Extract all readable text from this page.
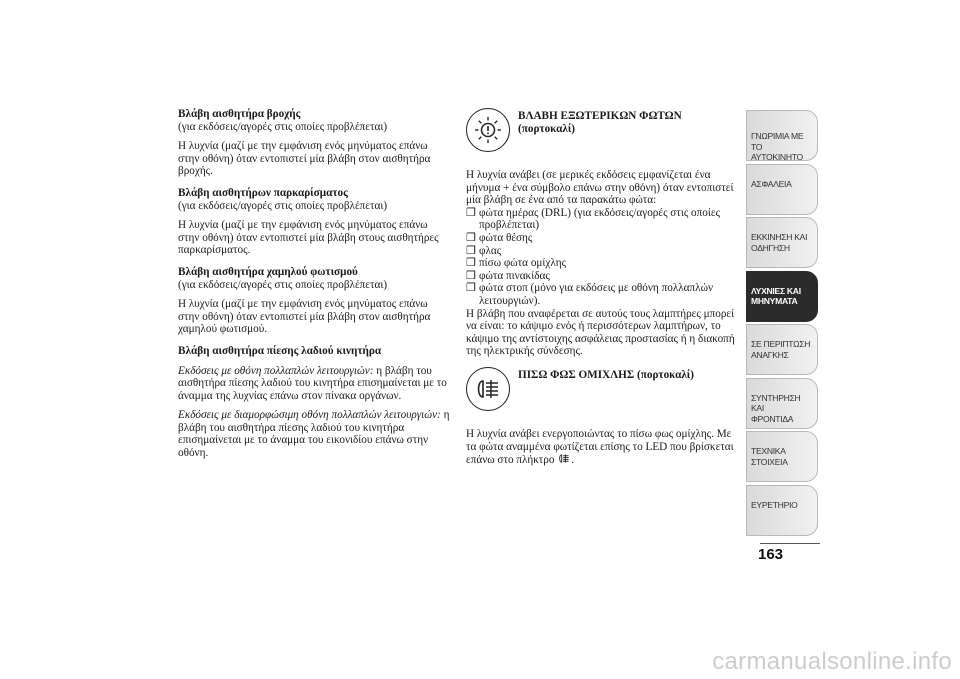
Βλάβη αισθητήρα βροχής

(για εκδόσεις/αγορές στις οποίες προβλέπεται)

Η λυχνία (μαζί με την εμφάνιση ενός μηνύματος επάνω στην οθόνη) όταν εντοπιστεί μία βλάβη στον αισθητήρα βροχής.

Βλάβη αισθητήρων παρκαρίσματος

(για εκδόσεις/αγορές στις οποίες προβλέπεται)

Η λυχνία (μαζί με την εμφάνιση ενός μηνύματος επάνω στην οθόνη) όταν εντοπιστεί μία βλάβη στους αισθητήρες παρκαρίσματος.

Βλάβη αισθητήρα χαμηλού φωτισμού

(για εκδόσεις/αγορές στις οποίες προβλέπεται)

Η λυχνία (μαζί με την εμφάνιση ενός μηνύματος επάνω στην οθόνη) όταν εντοπιστεί μία βλάβη στον αισθητήρα χαμηλού φωτισμού.

Βλάβη αισθητήρα πίεσης λαδιού κινητήρα

Εκδόσεις με οθόνη πολλαπλών λειτουργιών: η βλάβη του αισθητήρα πίεσης λαδιού του κινητήρα επισημαίνεται με το άναμμα της λυχνίας επάνω στον πίνακα οργάνων.

Εκδόσεις με διαμορφώσιμη οθόνη πολλαπλών λειτουργιών: η βλάβη του αισθητήρα πίεσης λαδιού του κινητήρα επισημαίνεται με το άναμμα του εικονιδίου επάνω στην οθόνη.

ΒΛΑΒΗ ΕΞΩΤΕΡΙΚΩΝ ΦΩΤΩΝ (πορτοκαλί)

Η λυχνία ανάβει (σε μερικές εκδόσεις εμφανίζεται ένα μήνυμα + ένα σύμβολο επάνω στην οθόνη) όταν εντοπιστεί μία βλάβη σε ένα από τα παρακάτω φώτα:

❒ φώτα ημέρας (DRL) (για εκδόσεις/αγορές στις οποίες προβλέπεται)

❒ φώτα θέσης

❒ φλας

❒ πίσω φώτα ομίχλης

❒ φώτα πινακίδας

❒ φώτα στοπ (μόνο για εκδόσεις με οθόνη πολλαπλών λειτουργιών).

Η βλάβη που αναφέρεται σε αυτούς τους λαμπτήρες μπορεί να είναι: το κάψιμο ενός ή περισσότερων λαμπτήρων, το κάψιμο της αντίστοιχης ασφάλειας προστασίας ή η διακοπή της ηλεκτρικής σύνδεσης.

ΠΙΣΩ ΦΩΣ ΟΜΙΧΛΗΣ (πορτοκαλί)

Η λυχνία ανάβει ενεργοποιώντας το πίσω φως ομίχλης. Με τα φώτα αναμμένα φωτίζεται επίσης το LED που βρίσκεται επάνω στο πλήκτρο .

ΓΝΩΡΙΜΙΑ ΜΕ ΤΟ
ΑΥΤΟΚΙΝΗΤΟ
ΑΣΦΑΛΕΙΑ
ΕΚΚΙΝΗΣΗ ΚΑΙ
ΟΔΗΓΗΣΗ
ΛΥΧΝΙΕΣ ΚΑΙ
ΜΗΝΥΜΑΤΑ
ΣΕ ΠΕΡΙΠΤΩΣΗ
ΑΝΑΓΚΗΣ
ΣΥΝΤΗΡΗΣΗ ΚΑΙ
ΦΡΟΝΤΙΔΑ
ΤΕΧΝΙΚΑ ΣΤΟΙΧΕΙΑ
ΕΥΡΕΤΗΡΙΟ
163
carmanualsonline.info
